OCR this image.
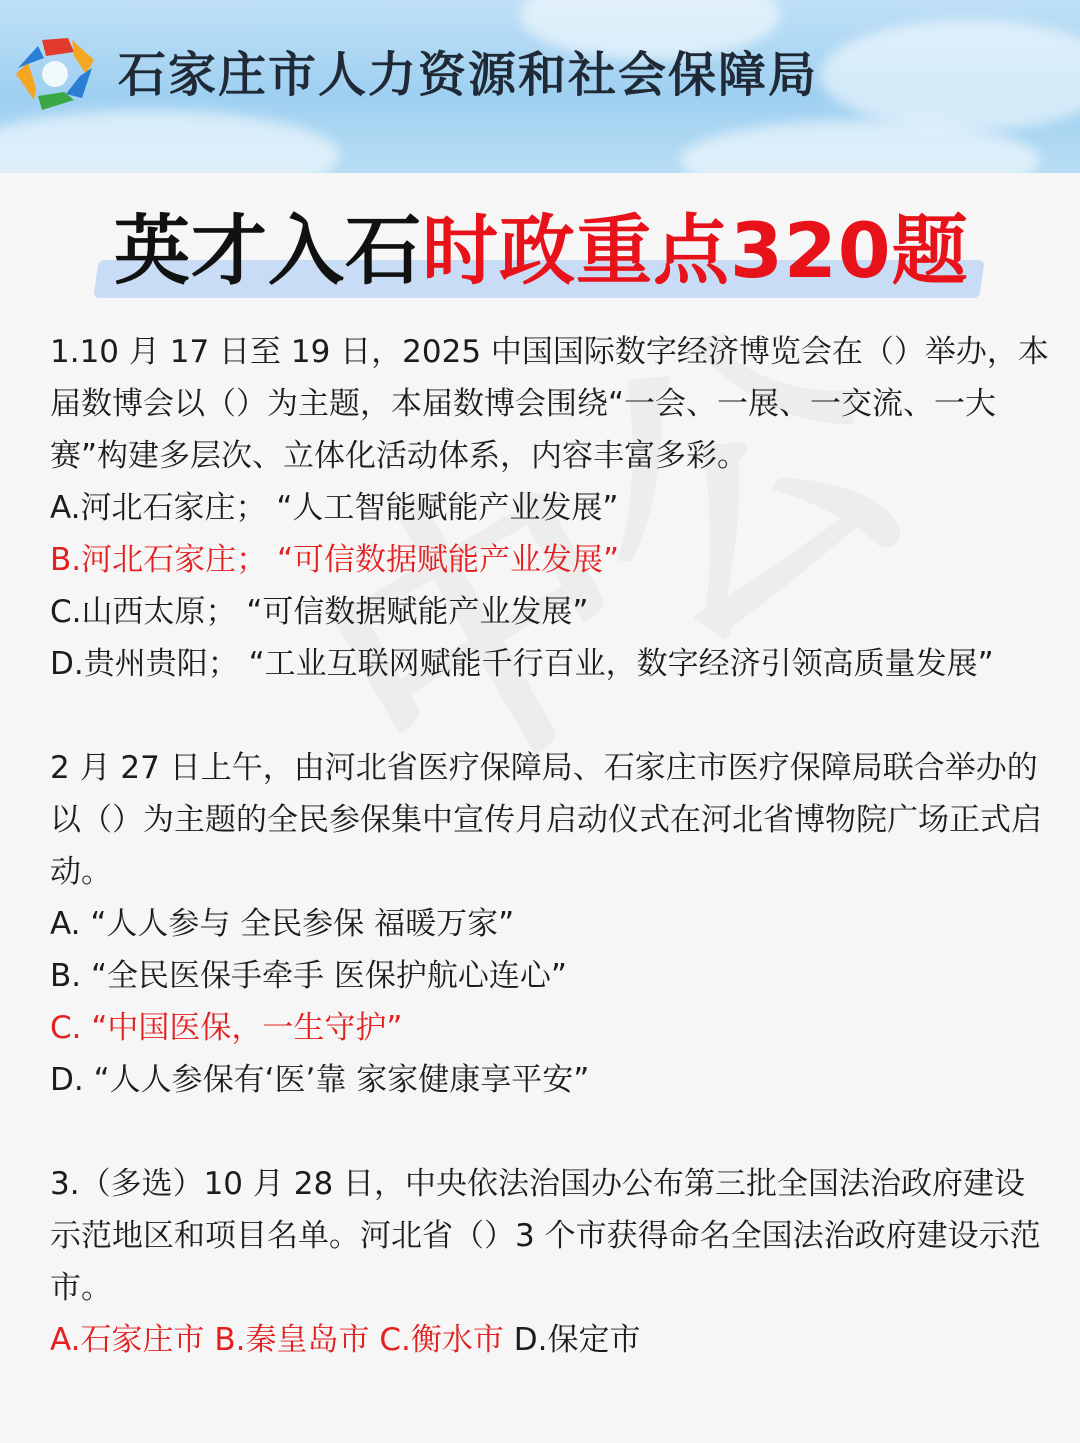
石家庄市人力资源和社会保障局
英才入石时政重点320题

1.10 月 17 日至 19 日，2025 中国国际数字经济博览会在（）举办，本届数博会以（）为主题，本届数博会围绕“一会、一展、一交流、一大赛”构建多层次、立体化活动体系，内容丰富多彩。

A.河北石家庄； “人工智能赋能产业发展”

B.河北石家庄； “可信数据赋能产业发展”

C.山西太原； “可信数据赋能产业发展”

D.贵州贵阳； “工业互联网赋能千行百业，数字经济引领高质量发展”

2 月 27 日上午，由河北省医疗保障局、石家庄市医疗保障局联合举办的以（）为主题的全民参保集中宣传月启动仪式在河北省博物院广场正式启动。

A. “人人参与 全民参保 福暖万家”

B. “全民医保手牵手 医保护航心连心”

C. “中国医保，一生守护”

D. “人人参保有‘医’靠 家家健康享平安”

3.（多选）10 月 28 日，中央依法治国办公布第三批全国法治政府建设示范地区和项目名单。河北省（）3 个市获得命名全国法治政府建设示范市。

A.石家庄市 B.秦皇岛市 C.衡水市 D.保定市
